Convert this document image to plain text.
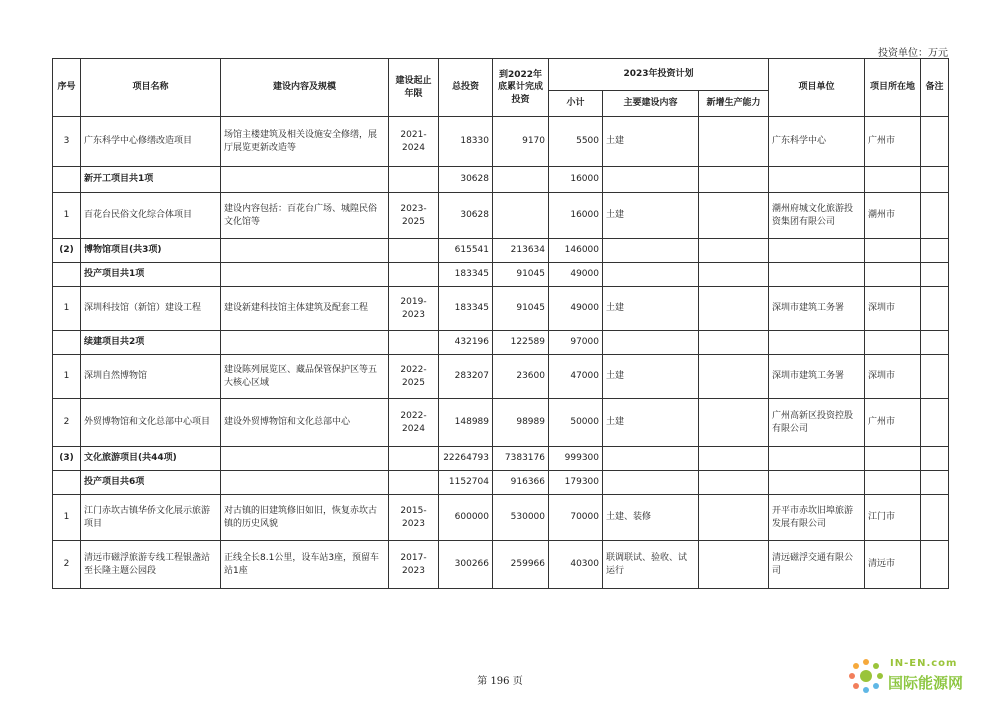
投资单位：万元
序号	项目名称	建设内容及规模	建设起止年限	总投资	到2022年底累计完成投资	2023年投资计划			项目单位	项目所在地	备注
						小计	主要建设内容	新增生产能力			
3	广东科学中心修缮改造项目	场馆主楼建筑及相关设施安全修缮，展厅展览更新改造等	2021-2024	18330	9170	5500	土建		广东科学中心	广州市	
	新开工项目共1项			30628		16000					
1	百花台民俗文化综合体项目	建设内容包括：百花台广场、城隍民俗文化馆等	2023-2025	30628		16000	土建		潮州府城文化旅游投资集团有限公司	潮州市	
(2)	博物馆项目(共3项)			615541	213634	146000					
	投产项目共1项			183345	91045	49000					
1	深圳科技馆（新馆）建设工程	建设新建科技馆主体建筑及配套工程	2019-2023	183345	91045	49000	土建		深圳市建筑工务署	深圳市	
	续建项目共2项			432196	122589	97000					
1	深圳自然博物馆	建设陈列展览区、藏品保管保护区等五大核心区域	2022-2025	283207	23600	47000	土建		深圳市建筑工务署	深圳市	
2	外贸博物馆和文化总部中心项目	建设外贸博物馆和文化总部中心	2022-2024	148989	98989	50000	土建		广州高新区投资控股有限公司	广州市	
(3)	文化旅游项目(共44项)			22264793	7383176	999300					
	投产项目共6项			1152704	916366	179300					
1	江门赤坎古镇华侨文化展示旅游项目	对古镇的旧建筑修旧如旧，恢复赤坎古镇的历史风貌	2015-2023	600000	530000	70000	土建、装修		开平市赤坎旧埠旅游发展有限公司	江门市	
2	清远市磁浮旅游专线工程银盏站至长隆主题公园段	正线全长8.1公里，设车站3座，预留车站1座	2017-2023	300266	259966	40300	联调联试、验收、试运行		清远磁浮交通有限公司	清远市	
第 196 页
IN-EN.com
国际能源网
